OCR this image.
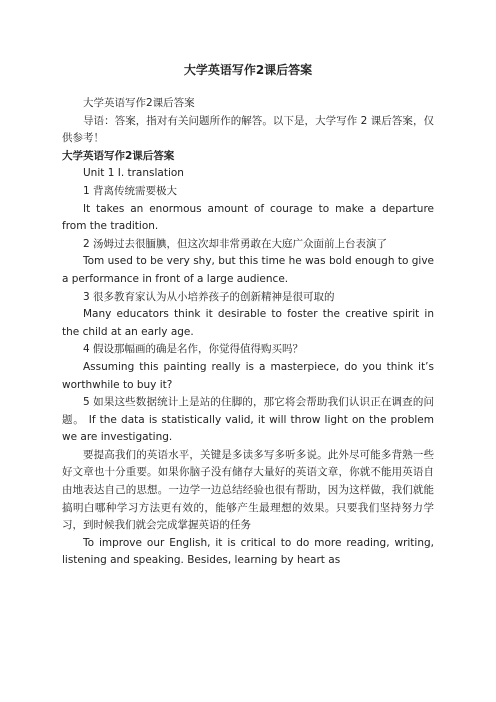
大学英语写作2课后答案

大学英语写作2课后答案

导语：答案，指对有关问题所作的解答。以下是，大学写作 2 课后答案，仅供参考！

大学英语写作2课后答案

Unit 1 I. translation

1 背离传统需要极大

It takes an enormous amount of courage to make a departure from the tradition.

2 汤姆过去很腼腆，但这次却非常勇敢在大庭广众面前上台表演了

Tom used to be very shy, but this time he was bold enough to give a performance in front of a large audience.

3 很多教育家认为从小培养孩子的创新精神是很可取的

Many educators think it desirable to foster the creative spirit in the child at an early age.

4 假设那幅画的确是名作，你觉得值得购买吗？

Assuming this painting really is a masterpiece, do you think it’s worthwhile to buy it?

5 如果这些数据统计上是站的住脚的，那它将会帮助我们认识正在调查的问题。 If the data is statistically valid, it will throw light on the problem we are investigating.

要提高我们的英语水平，关键是多读多写多听多说。此外尽可能多背熟一些好文章也十分重要。如果你脑子没有储存大量好的英语文章，你就不能用英语自由地表达自己的思想。一边学一边总结经验也很有帮助，因为这样做，我们就能搞明白哪种学习方法更有效的，能够产生最理想的效果。只要我们坚持努力学习，到时候我们就会完成掌握英语的任务

To improve our English, it is critical to do more reading, writing, listening and speaking. Besides, learning by heart as
